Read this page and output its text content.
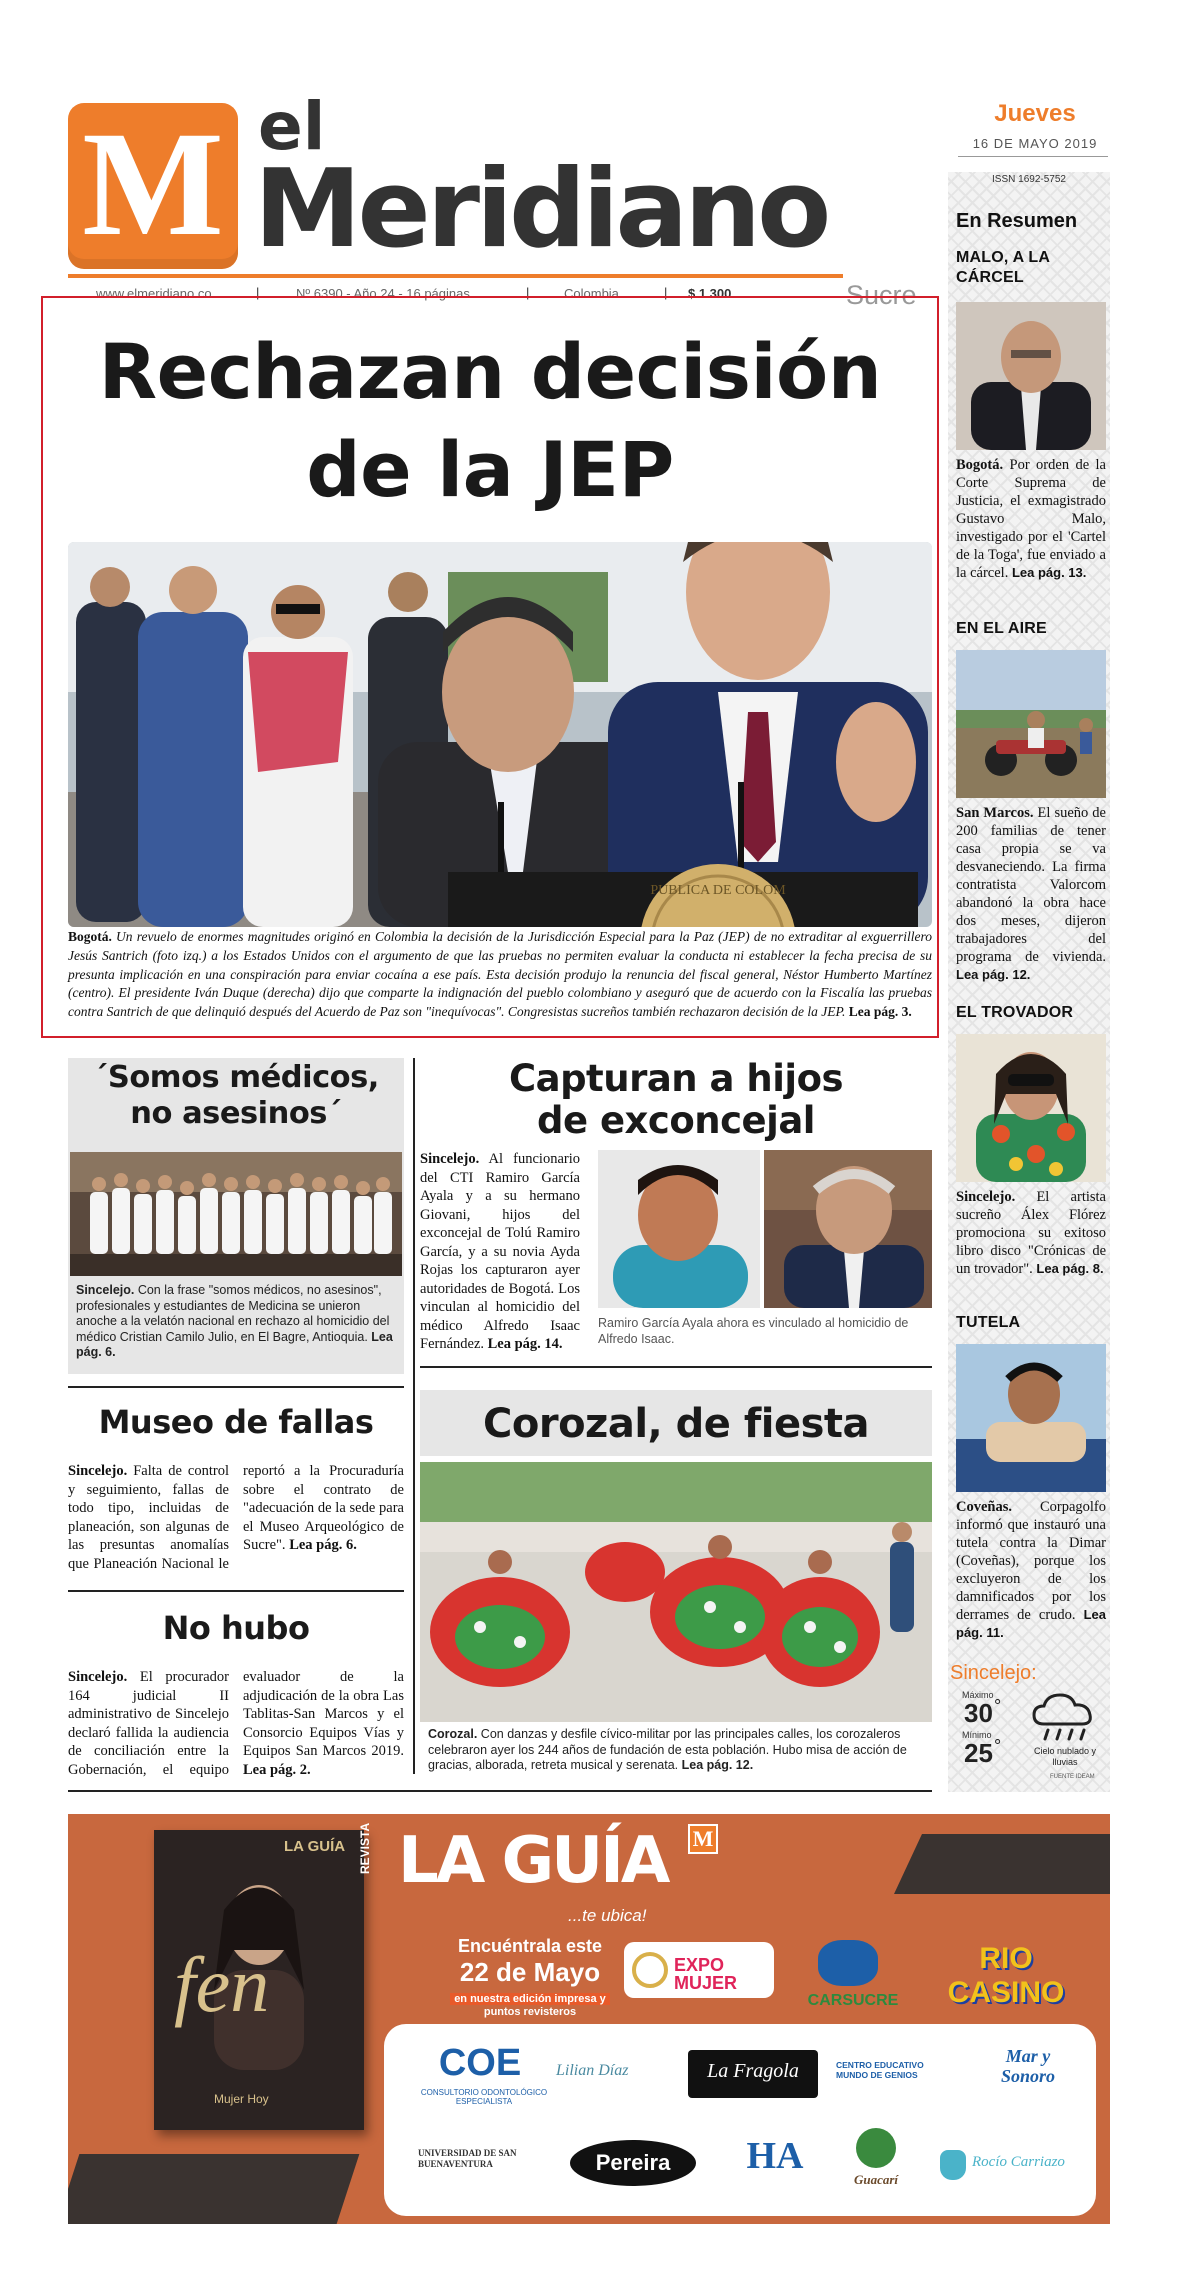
M el
Meridiano
www.elmeridiano.co	|	Nº 6390 - Año 24 - 16 páginas	|	Colombia	| $ 1.300	Sucre
Jueves
16 DE MAYO 2019
Rechazan decisión
de la JEP
PUBLICA DE COLOM

Bogotá. Un revuelo de enormes magnitudes originó en Colombia la decisión de la Jurisdicción Especial para la Paz (JEP) de no extraditar al exguerrillero Jesús Santrich (foto izq.) a los Estados Unidos con el argumento de que las pruebas no permiten evaluar la conducta ni establecer la fecha precisa de su presunta implicación en una conspiración para enviar cocaína a ese país. Esta decisión produjo la renuncia del fiscal general, Néstor Humberto Martínez (centro). El presidente Iván Duque (derecha) dijo que comparte la indignación del pueblo colombiano y aseguró que de acuerdo con la Fiscalía las pruebas contra Santrich de que delinquió después del Acuerdo de Paz son "inequívocas". Congresistas sucreños también rechazaron decisión de la JEP. Lea pág. 3.

´Somos médicos, no asesinos´

Sincelejo. Con la frase "somos médicos, no asesinos", profesionales y estudiantes de Medicina se unieron anoche a la velatón nacional en rechazo al homicidio del médico Cristian Camilo Julio, en El Bagre, Antioquia. Lea pág. 6.

Capturan a hijos
de exconcejal

Sincelejo. Al funcionario del CTI Ramiro García Ayala y a su hermano Giovani, hijos del exconcejal de Tolú Ramiro García, y a su novia Ayda Rojas los capturaron ayer autoridades de Bogotá. Los vinculan al homicidio del médico Alfredo Isaac Fernández. Lea pág. 14.

Ramiro García Ayala ahora es vinculado al homicidio de Alfredo Isaac.

Museo de fallas

Sincelejo. Falta de control y seguimiento, fallas de todo tipo, incluidas de planeación, son algunas de las presuntas anomalías que Planeación Nacional le reportó a la Procuraduría sobre el contrato de "adecuación de la sede para el Museo Arqueológico de Sucre". Lea pág. 6.

No hubo

Sincelejo. El procurador 164 judicial II administrativo de Sincelejo declaró fallida la audiencia de conciliación entre la Gobernación, el equipo evaluador de la adjudicación de la obra Las Tablitas-San Marcos y el Consorcio Equipos Vías y Equipos San Marcos 2019. Lea pág. 2.

Corozal, de fiesta

Corozal. Con danzas y desfile cívico-militar por las principales calles, los corozaleros celebraron ayer los 244 años de fundación de esta población. Hubo misa de acción de gracias, alborada, retreta musical y serenata. Lea pág. 12.

ISSN 1692-5752
En Resumen
MALO, A LA CÁRCEL

Bogotá. Por orden de la Corte Suprema de Justicia, el exmagistrado Gustavo Malo, investigado por el 'Cartel de la Toga', fue enviado a la cárcel. Lea pág. 13.

EN EL AIRE

San Marcos. El sueño de 200 familias de tener casa propia se va desvaneciendo. La firma contratista Valorcom abandonó la obra hace dos meses, dijeron trabajadores del programa de vivienda. Lea pág. 12.

EL TROVADOR

Sincelejo. El artista sucreño Álex Flórez promociona su exitoso libro disco "Crónicas de un trovador". Lea pág. 8.

TUTELA

Coveñas. Corpagolfo informó que instauró una tutela contra la Dimar (Coveñas), porque los excluyeron de los damnificados por los derrames de crudo. Lea pág. 11.

Sincelejo:
Máximo
30 °
Mínimo
25 °	Cielo nublado y lluvias
FUENTE IDEAM
LA GUÍA
fen
Mujer Hoy
REVISTA LA GUÍA M
...te ubica!
Encuéntrala este
22 de Mayo
en nuestra edición impresa y
puntos revisteros
EXPO MUJER
CARSUCRE
RIO CASINO
COE
CONSULTORIO ODONTOLÓGICO ESPECIALISTA
Lilian Díaz	La Fragola	CENTRO EDUCATIVO MUNDO DE GENIOS
Mar y Sonoro
UNIVERSIDAD DE SAN BUENAVENTURA	Pereira	HA
Guacarí
Rocío Carriazo
